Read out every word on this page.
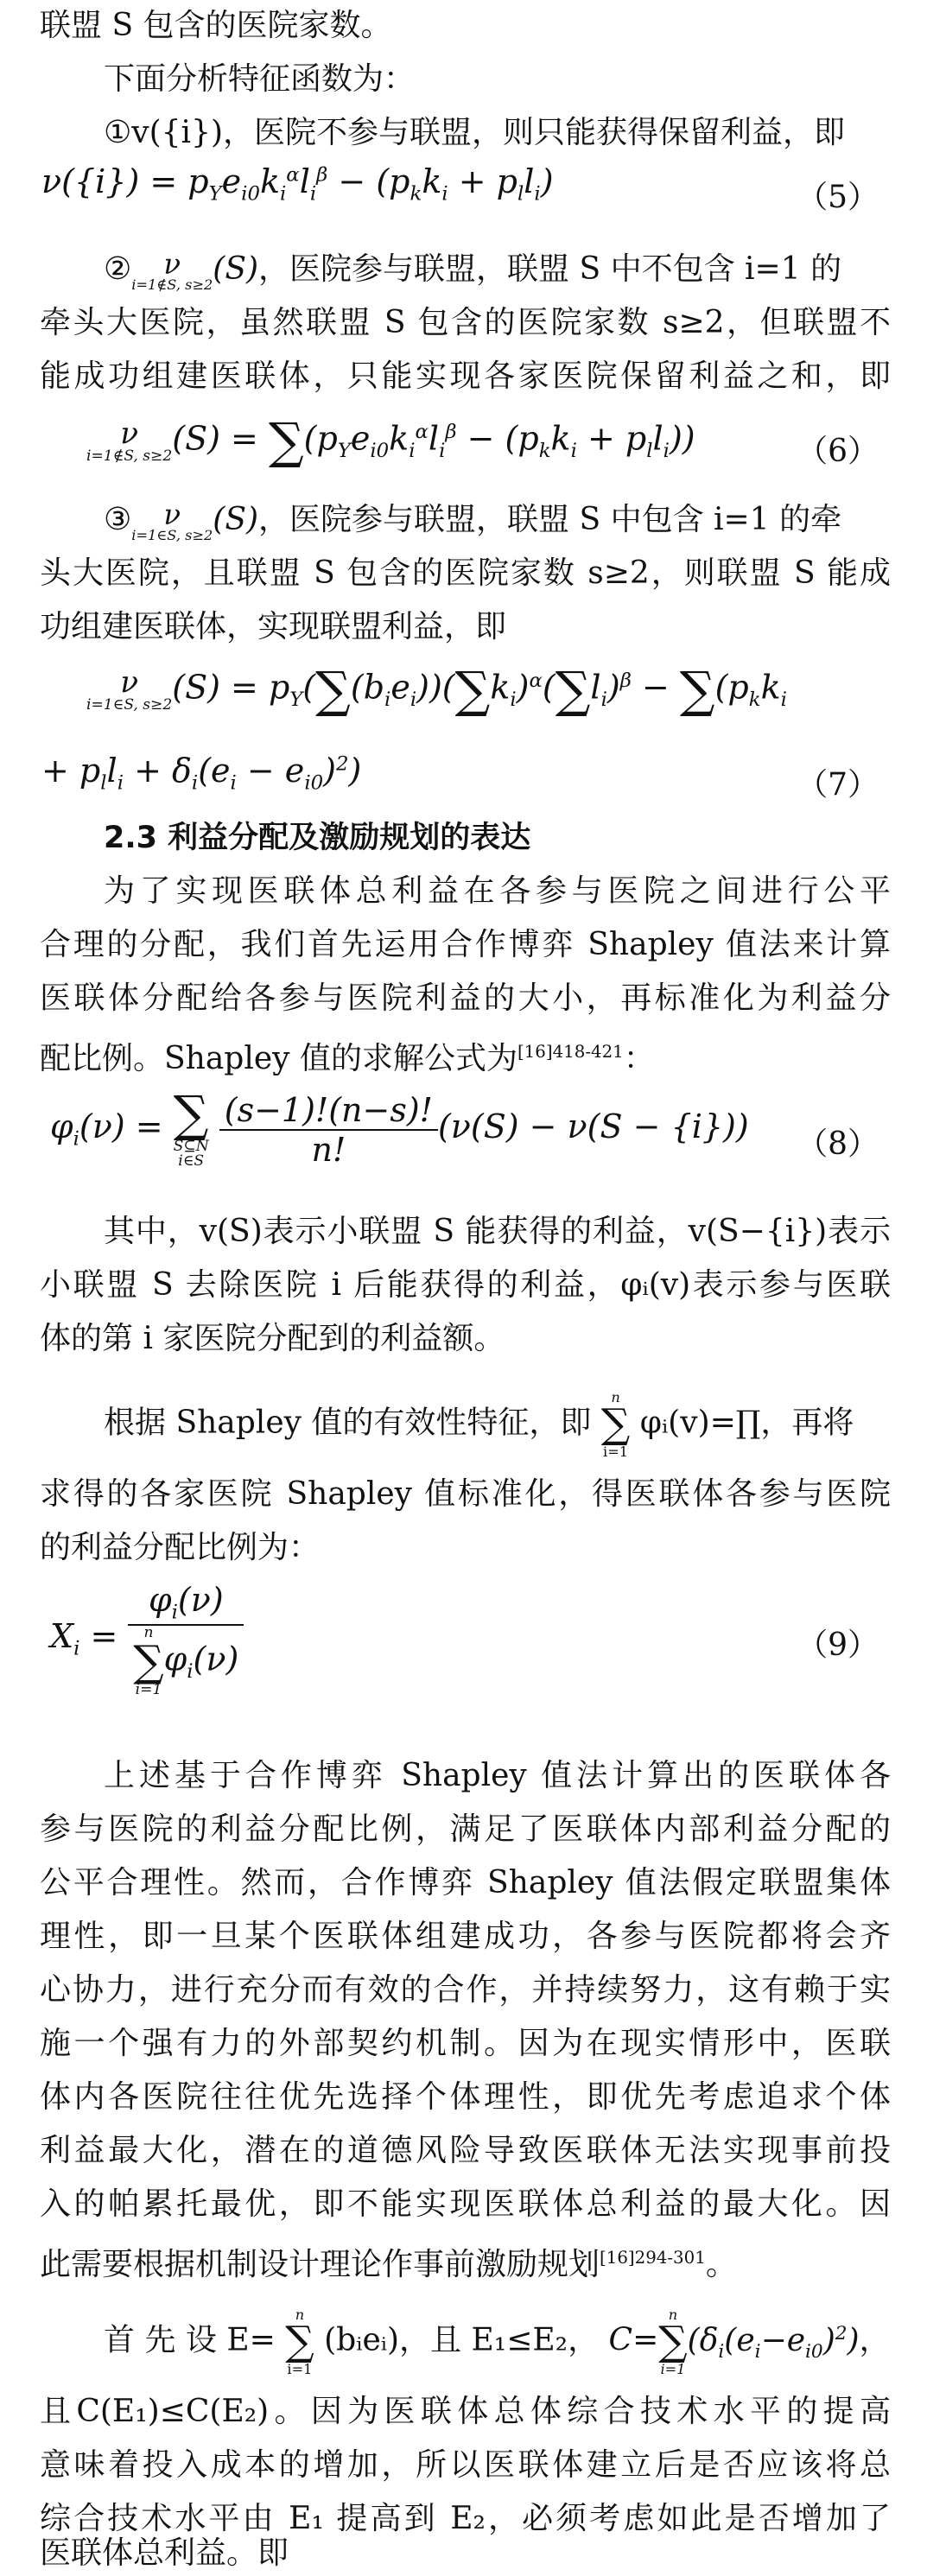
联盟 S 包含的医院家数。
下面分析特征函数为：
①v({i})，医院不参与联盟，则只能获得保留利益，即
$\nu(\{i\}) = p_Ye_{i0}k_i^\alpha l_i^\beta - (p_kk_i + p_ll_i)$	（5）
②	ν
i=1∉S, s≥2 (S)，医院参与联盟，联盟 S 中不包含 i=1 的
牵头大医院，虽然联盟 S 包含的医院家数 s≥2，但联盟不
能成功组建医联体，只能实现各家医院保留利益之和，即
ν
i=1∉S, s≥2 $(S) = \sum(p_Ye_{i0}k_i^\alpha l_i^\beta - (p_kk_i + p_ll_i))$	（6）
③	ν
i=1∈S, s≥2 (S)，医院参与联盟，联盟 S 中包含 i=1 的牵
头大医院，且联盟 S 包含的医院家数 s≥2，则联盟 S 能成
功组建医联体，实现联盟利益，即
ν
i=1∈S, s≥2 $(S) = p_Y(\sum(b_ie_i))(\sum k_i)^\alpha(\sum l_i)^\beta - \sum(p_kk_i$
+ $p_ll_i + \delta_i(e_i - e_{i0})^2$)	（7）
2.3 利益分配及激励规划的表达
为了实现医联体总利益在各参与医院之间进行公平
合理的分配，我们首先运用合作博弈 Shapley 值法来计算
医联体分配给各参与医院利益的大小，再标准化为利益分
配比例。Shapley 值的求解公式为$^{[16]418-421}$：
$\varphi_i(\nu)$ = ∑
S⊆N
i∈S
$\frac{(s-1)!(n-s)!}{n!} (\nu(S) - \nu(S - \{i\}))$ （8）
其中，v(S)表示小联盟 S 能获得的利益，v(S−{i})表示
小联盟 S 去除医院 i 后能获得的利益，φᵢ(v)表示参与医联
体的第 i 家医院分配到的利益额。
根据 Shapley 值的有效性特征，即
n
∑
i=1
φᵢ(v)=∏，再将
求得的各家医院 Shapley 值标准化，得医联体各参与医院
的利益分配比例为：
$X_i = \varphi_i(\nu)$
n
∑
i=1
$\varphi_i(\nu)$	（9）
上述基于合作博弈 Shapley 值法计算出的医联体各
参与医院的利益分配比例，满足了医联体内部利益分配的
公平合理性。然而，合作博弈 Shapley 值法假定联盟集体
理性，即一旦某个医联体组建成功，各参与医院都将会齐
心协力，进行充分而有效的合作，并持续努力，这有赖于实
施一个强有力的外部契约机制。因为在现实情形中，医联
体内各医院往往优先选择个体理性，即优先考虑追求个体
利益最大化，潜在的道德风险导致医联体无法实现事前投
入的帕累托最优，即不能实现医联体总利益的最大化。因
此需要根据机制设计理论作事前激励规划$^{[16]294-301}$。
首 先 设 E=
n
∑
i=1
(bᵢeᵢ)，且 E₁≤E₂， C=
n
∑
i=1
$(\delta_i(e_i-e_{i0})^2)$，
且C(E₁)≤C(E₂)。因为医联体总体综合技术水平的提高
意味着投入成本的增加，所以医联体建立后是否应该将总
综合技术水平由 E₁ 提高到 E₂，必须考虑如此是否增加了
医联体总利益。即
